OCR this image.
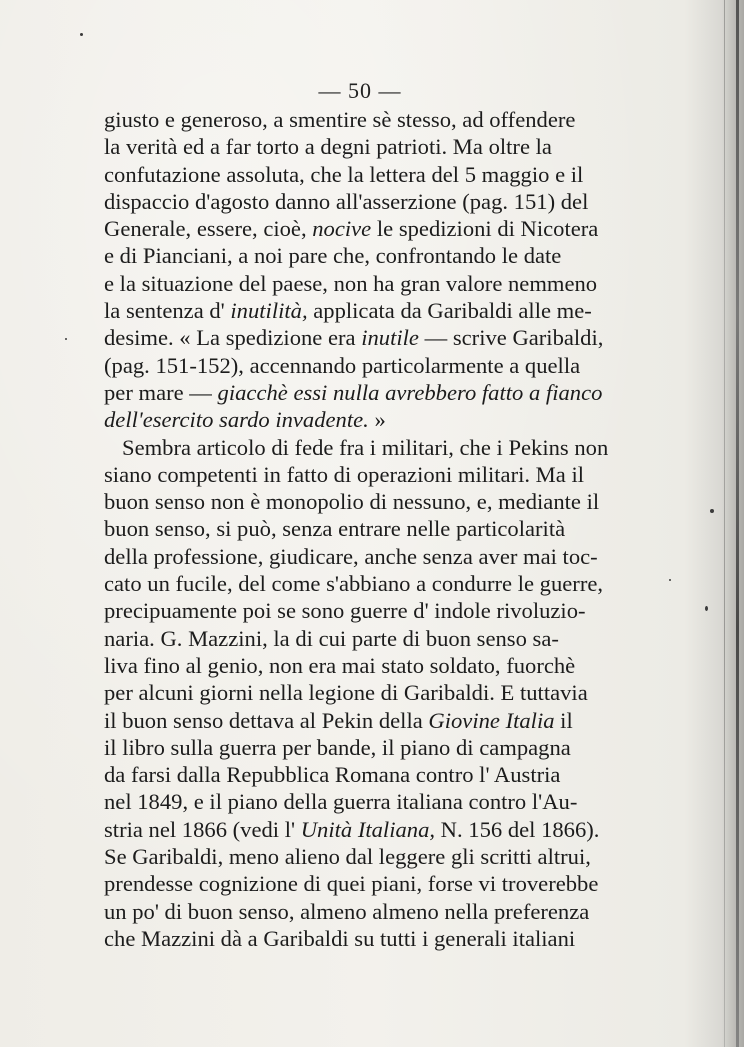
— 50 —
giusto e generoso, a smentire sè stesso, ad offendere
la verità ed a far torto a degni patrioti. Ma oltre la
confutazione assoluta, che la lettera del 5 maggio e il
dispaccio d'agosto danno all'asserzione (pag. 151) del
Generale, essere, cioè, nocive le spedizioni di Nicotera
e di Pianciani, a noi pare che, confrontando le date
e la situazione del paese, non ha gran valore nemmeno
la sentenza d' inutilità, applicata da Garibaldi alle me-
desime. « La spedizione era inutile — scrive Garibaldi,
(pag. 151-152), accennando particolarmente a quella
per mare — giacchè essi nulla avrebbero fatto a fianco
dell'esercito sardo invadente. »
Sembra articolo di fede fra i militari, che i Pekins non
siano competenti in fatto di operazioni militari. Ma il
buon senso non è monopolio di nessuno, e, mediante il
buon senso, si può, senza entrare nelle particolarità
della professione, giudicare, anche senza aver mai toc-
cato un fucile, del come s'abbiano a condurre le guerre,
precipuamente poi se sono guerre d' indole rivoluzio-
naria. G. Mazzini, la di cui parte di buon senso sa-
liva fino al genio, non era mai stato soldato, fuorchè
per alcuni giorni nella legione di Garibaldi. E tuttavia
il buon senso dettava al Pekin della Giovine Italia il
il libro sulla guerra per bande, il piano di campagna
da farsi dalla Repubblica Romana contro l' Austria
nel 1849, e il piano della guerra italiana contro l'Au-
stria nel 1866 (vedi l' Unità Italiana, N. 156 del 1866).
Se Garibaldi, meno alieno dal leggere gli scritti altrui,
prendesse cognizione di quei piani, forse vi troverebbe
un po' di buon senso, almeno almeno nella preferenza
che Mazzini dà a Garibaldi su tutti i generali italiani
